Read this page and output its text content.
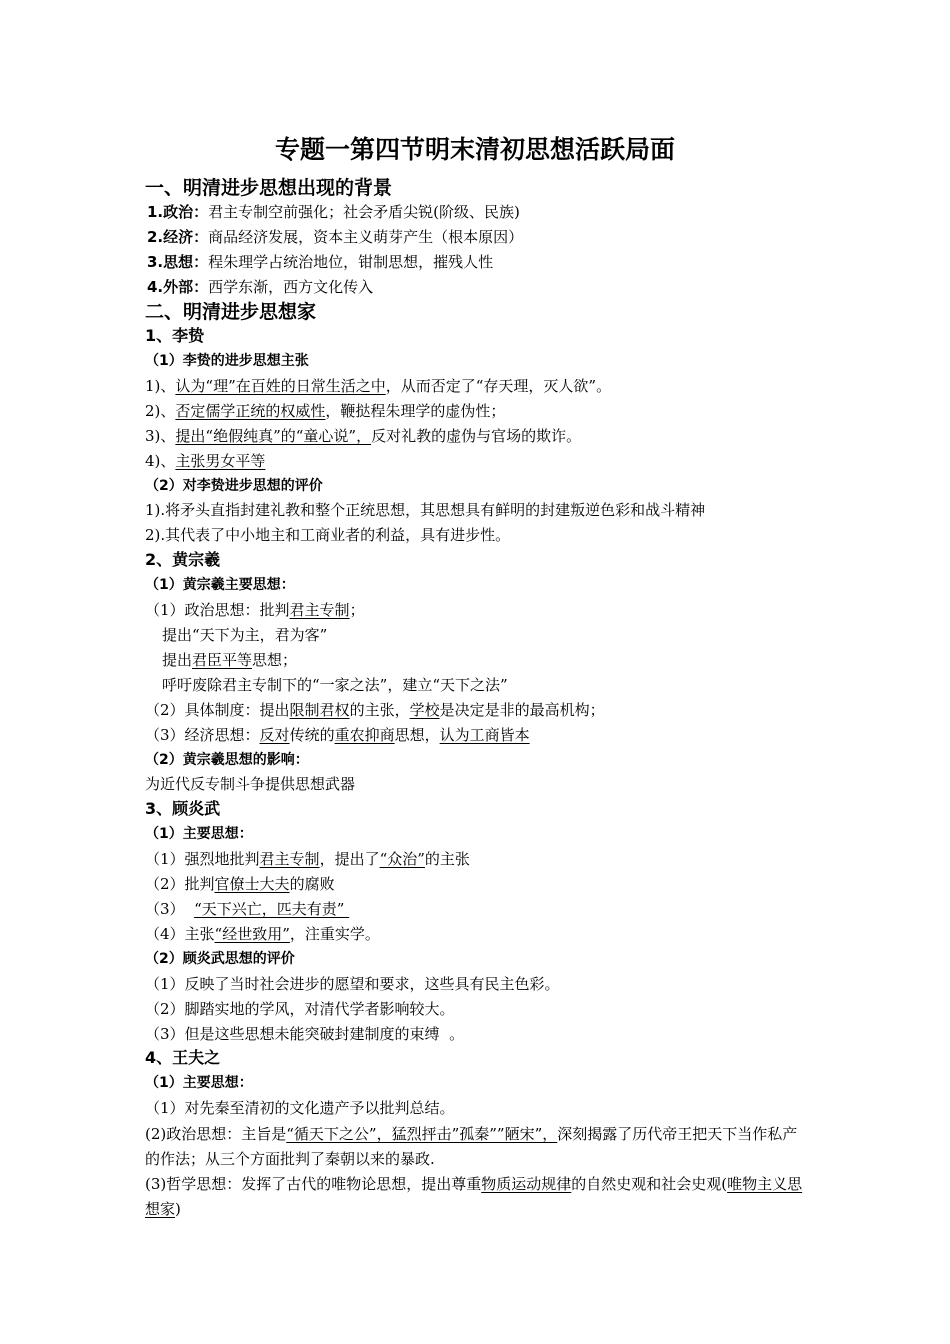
专题一第四节明末清初思想活跃局面
一、明清进步思想出现的背景
1.政治：君主专制空前强化；社会矛盾尖锐(阶级、民族)
2.经济：商品经济发展，资本主义萌芽产生（根本原因）
3.思想：程朱理学占统治地位，钳制思想，摧残人性
4.外部：西学东渐，西方文化传入
二、明清进步思想家
1、李贽
（1）李贽的进步思想主张
1)、认为“理”在百姓的日常生活之中，从而否定了“存天理，灭人欲”。
2)、否定儒学正统的权威性，鞭挞程朱理学的虚伪性；
3)、提出“绝假纯真”的“童心说”，反对礼教的虚伪与官场的欺诈。
4)、主张男女平等
（2）对李贽进步思想的评价
1).将矛头直指封建礼教和整个正统思想，其思想具有鲜明的封建叛逆色彩和战斗精神
2).其代表了中小地主和工商业者的利益，具有进步性。
2、黄宗羲
（1）黄宗羲主要思想：
（1）政治思想：批判君主专制；
提出“天下为主，君为客”
提出君臣平等思想；
呼吁废除君主专制下的“一家之法”，建立“天下之法”
（2）具体制度：提出限制君权的主张，学校是决定是非的最高机构；
（3）经济思想：反对传统的重农抑商思想，认为工商皆本
（2）黄宗羲思想的影响：
为近代反专制斗争提供思想武器
3、顾炎武
（1）主要思想：
（1）强烈地批判君主专制，提出了“众治”的主张
（2）批判官僚士大夫的腐败
（3）  “天下兴亡，匹夫有责”
（4）主张“经世致用”，注重实学。
（2）顾炎武思想的评价
（1）反映了当时社会进步的愿望和要求，这些具有民主色彩。
（2）脚踏实地的学风，对清代学者影响较大。
（3）但是这些思想未能突破封建制度的束缚  。
4、王夫之
（1）主要思想：
（1）对先秦至清初的文化遗产予以批判总结。
(2)政治思想：主旨是“循天下之公”，猛烈抨击”孤秦””陋宋”，深刻揭露了历代帝王把天下当作私产的作法；从三个方面批判了秦朝以来的暴政.
(3)哲学思想：发挥了古代的唯物论思想，提出尊重物质运动规律的自然史观和社会史观(唯物主义思想家)
